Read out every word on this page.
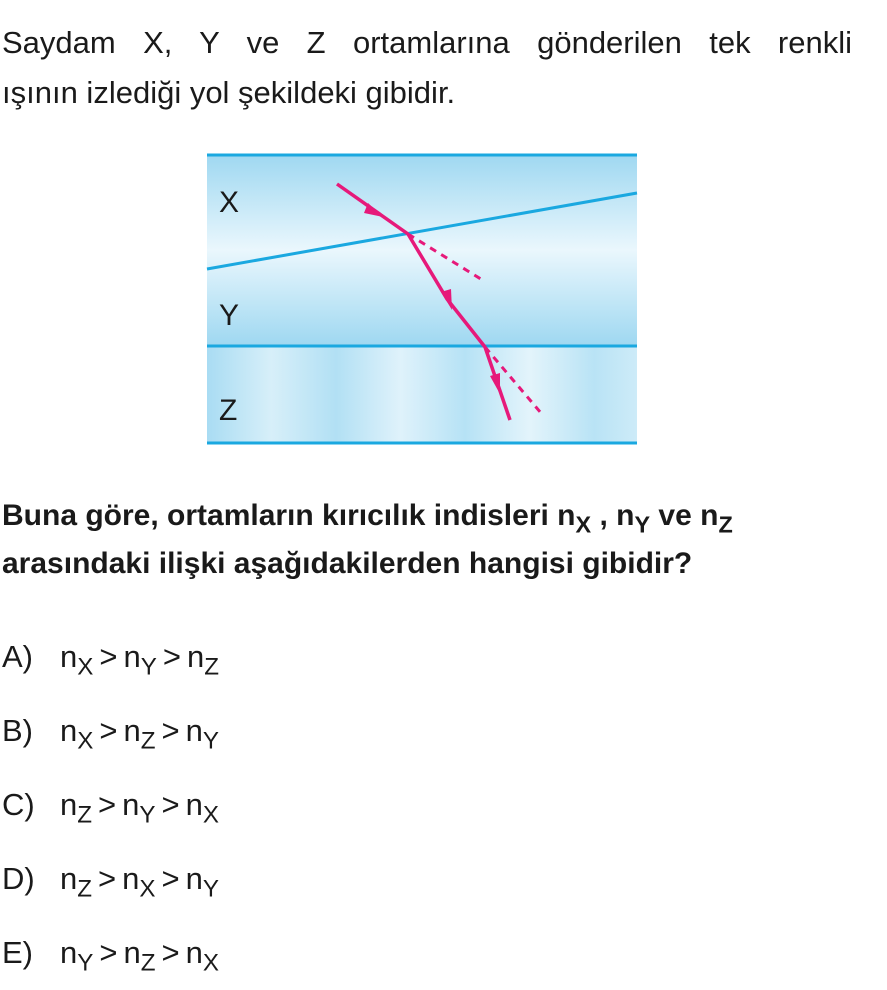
Saydam X, Y ve Z ortamlarına gönderilen tek renkli
ışının izlediği yol şekildeki gibidir.
X
Y
Z
Buna göre, ortamların kırıcılık indisleri $n_X$ , $n_Y$ ve $n_Z$
arasındaki ilişki aşağıdakilerden hangisi gibidir?
A) $n_X > n_Y > n_Z$
B) $n_X > n_Z > n_Y$
C) $n_Z > n_Y > n_X$
D) $n_Z > n_X > n_Y$
E) $n_Y > n_Z > n_X$
